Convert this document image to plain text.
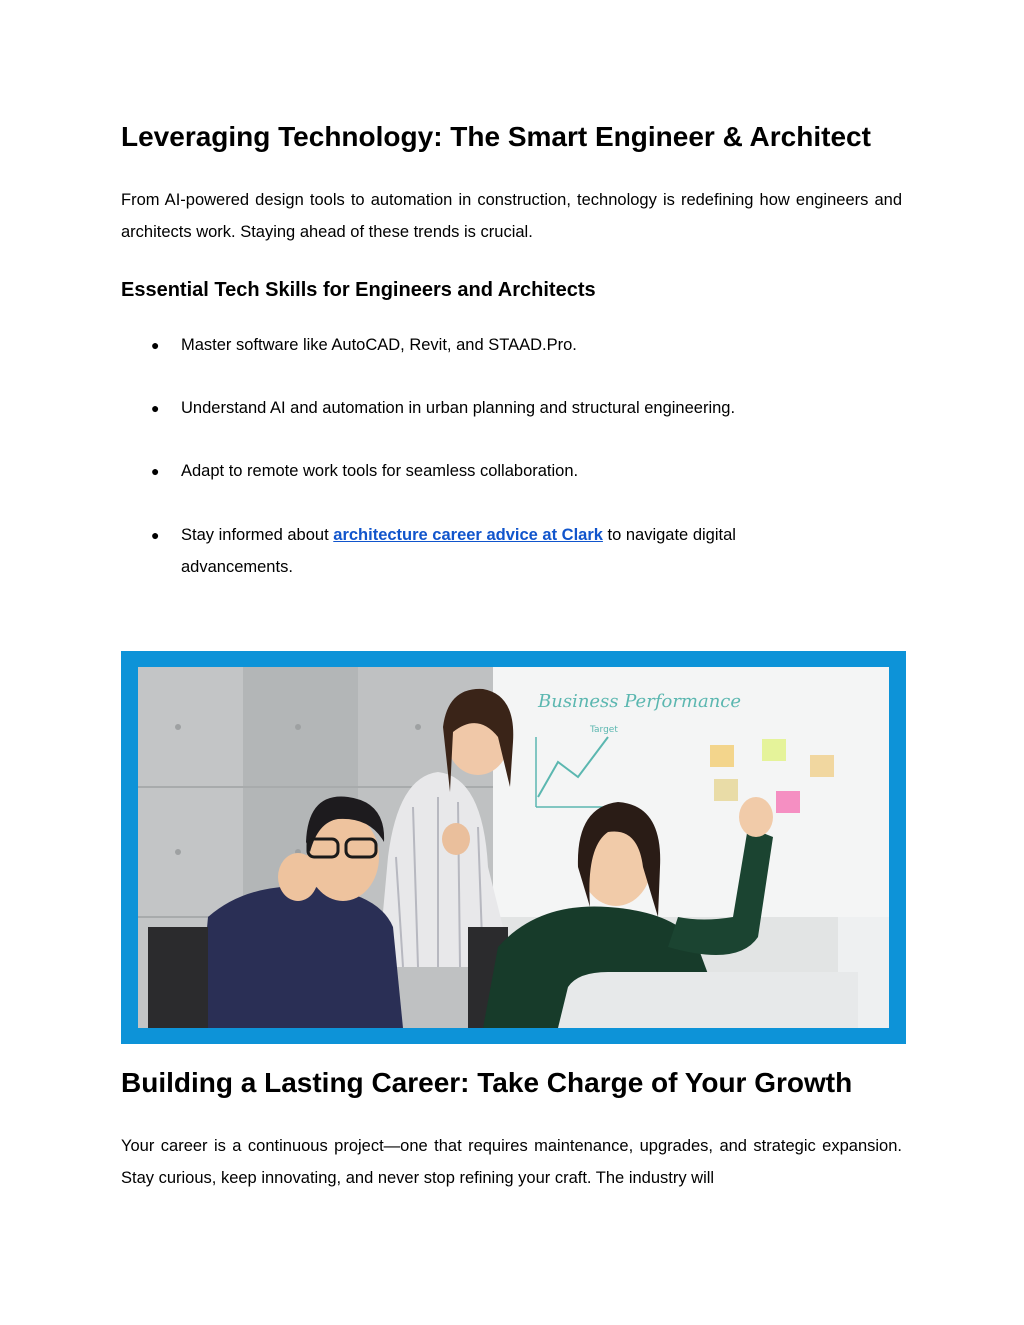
Leveraging Technology: The Smart Engineer & Architect

From AI-powered design tools to automation in construction, technology is redefining how engineers and architects work. Staying ahead of these trends is crucial.

Essential Tech Skills for Engineers and Architects
● Master software like AutoCAD, Revit, and STAAD.Pro.
● Understand AI and automation in urban planning and structural engineering.
● Adapt to remote work tools for seamless collaboration.
● Stay informed about architecture career advice at Clark to navigate digital advancements.
Business Performance
Target
Building a Lasting Career: Take Charge of Your Growth

Your career is a continuous project—one that requires maintenance, upgrades, and strategic expansion. Stay curious, keep innovating, and never stop refining your craft. The industry will
